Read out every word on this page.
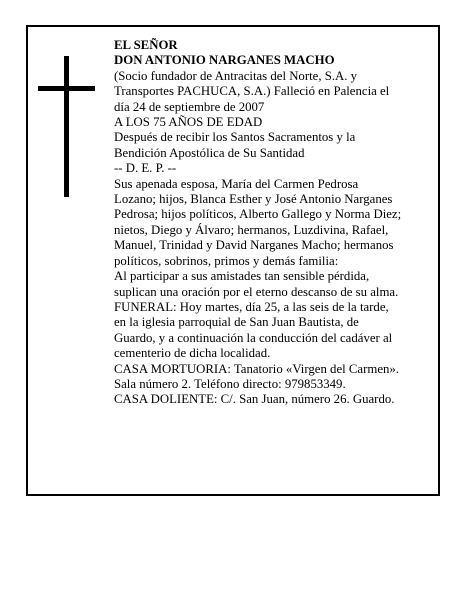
EL SEÑOR
DON ANTONIO NARGANES MACHO
(Socio fundador de Antracitas del Norte, S.A. y
Transportes PACHUCA, S.A.) Falleció en Palencia el
día 24 de septiembre de 2007
A LOS 75 AÑOS DE EDAD
Después de recibir los Santos Sacramentos y la
Bendición Apostólica de Su Santidad
-- D. E. P. --
Sus apenada esposa, María del Carmen Pedrosa
Lozano; hijos, Blanca Esther y José Antonio Narganes
Pedrosa; hijos políticos, Alberto Gallego y Norma Diez;
nietos, Diego y Álvaro; hermanos, Luzdivina, Rafael,
Manuel, Trinidad y David Narganes Macho; hermanos
políticos, sobrinos, primos y demás familia:
Al participar a sus amistades tan sensible pérdida,
suplican una oración por el eterno descanso de su alma.
FUNERAL: Hoy martes, día 25, a las seis de la tarde,
en la iglesia parroquial de San Juan Bautista, de
Guardo, y a continuación la conducción del cadáver al
cementerio de dicha localidad.
CASA MORTUORIA: Tanatorio «Virgen del Carmen».
Sala número 2. Teléfono directo: 979853349.
CASA DOLIENTE: C/. San Juan, número 26. Guardo.
